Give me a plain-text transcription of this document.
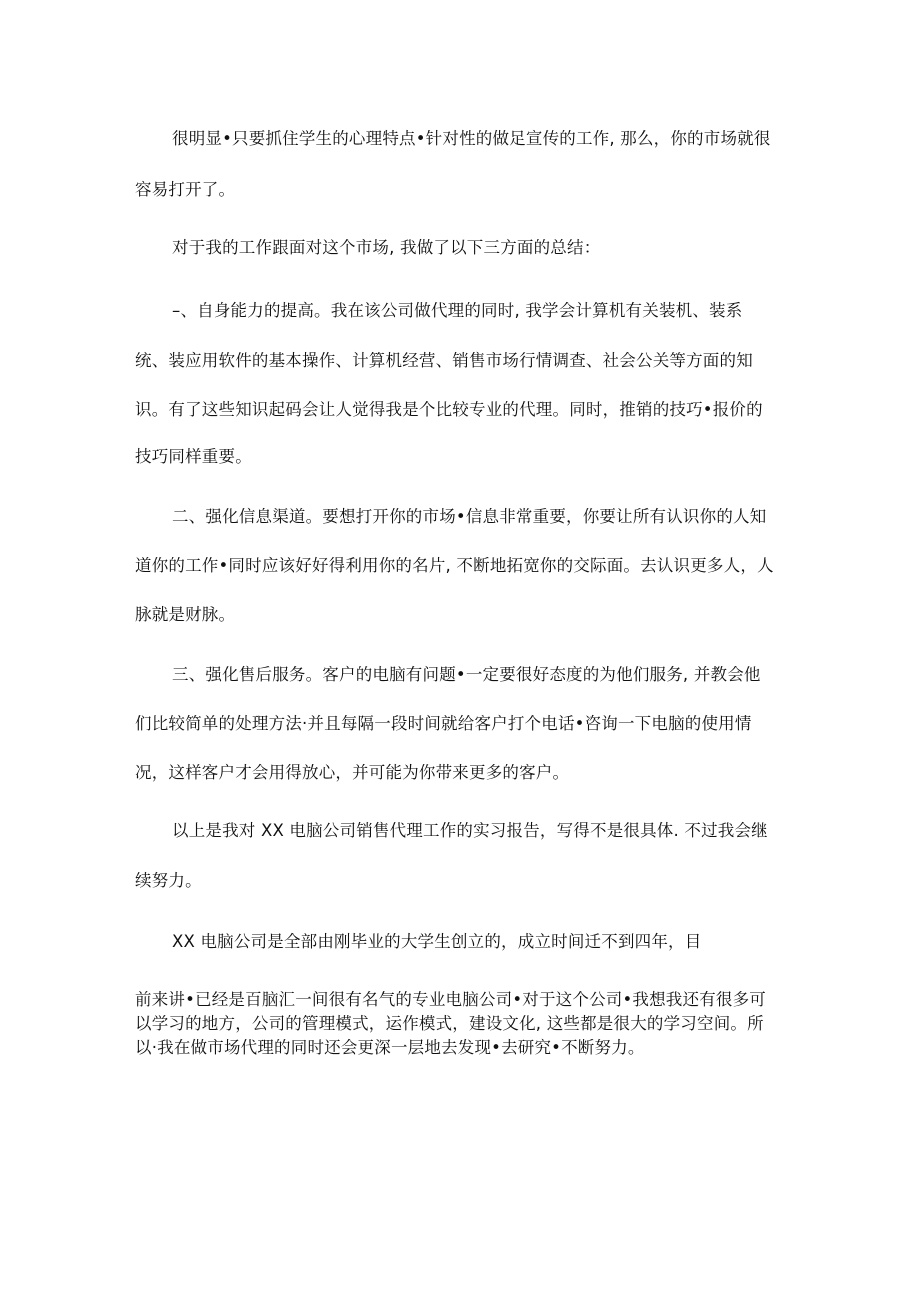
很明显•只要抓住学生的心理特点•针对性的做足宣传的工作, 那么，你的市场就很
容易打开了。
对于我的工作跟面对这个市场, 我做了以下三方面的总结：
–、自身能力的提高。我在该公司做代理的同时, 我学会计算机有关装机、装系
统、装应用软件的基本操作、计算机经营、销售市场行情调查、社会公关等方面的知
识。有了这些知识起码会让人觉得我是个比较专业的代理。同时，推销的技巧•报价的
技巧同样重要。
二、强化信息渠道。要想打开你的市场•信息非常重要，你要让所有认识你的人知
道你的工作•同时应该好好得利用你的名片, 不断地拓宽你的交际面。去认识更多人，人
脉就是财脉。
三、强化售后服务。客户的电脑有问题•一定要很好态度的为他们服务, 并教会他
们比较简单的处理方法·并且每隔一段时间就给客户打个电话•咨询一下电脑的使用情
况，这样客户才会用得放心，并可能为你带来更多的客户。
以上是我对 XX 电脑公司销售代理工作的实习报告，写得不是很具体. 不过我会继
续努力。
XX 电脑公司是全部由刚毕业的大学生创立的，成立时间迁不到四年，目
前来讲•已经是百脑汇一间很有名气的专业电脑公司•对于这个公司•我想我还有很多可
以学习的地方，公司的管理模式，运作模式，建设文化, 这些都是很大的学习空间。所
以·我在做市场代理的同时还会更深一层地去发现•去研究•不断努力。
